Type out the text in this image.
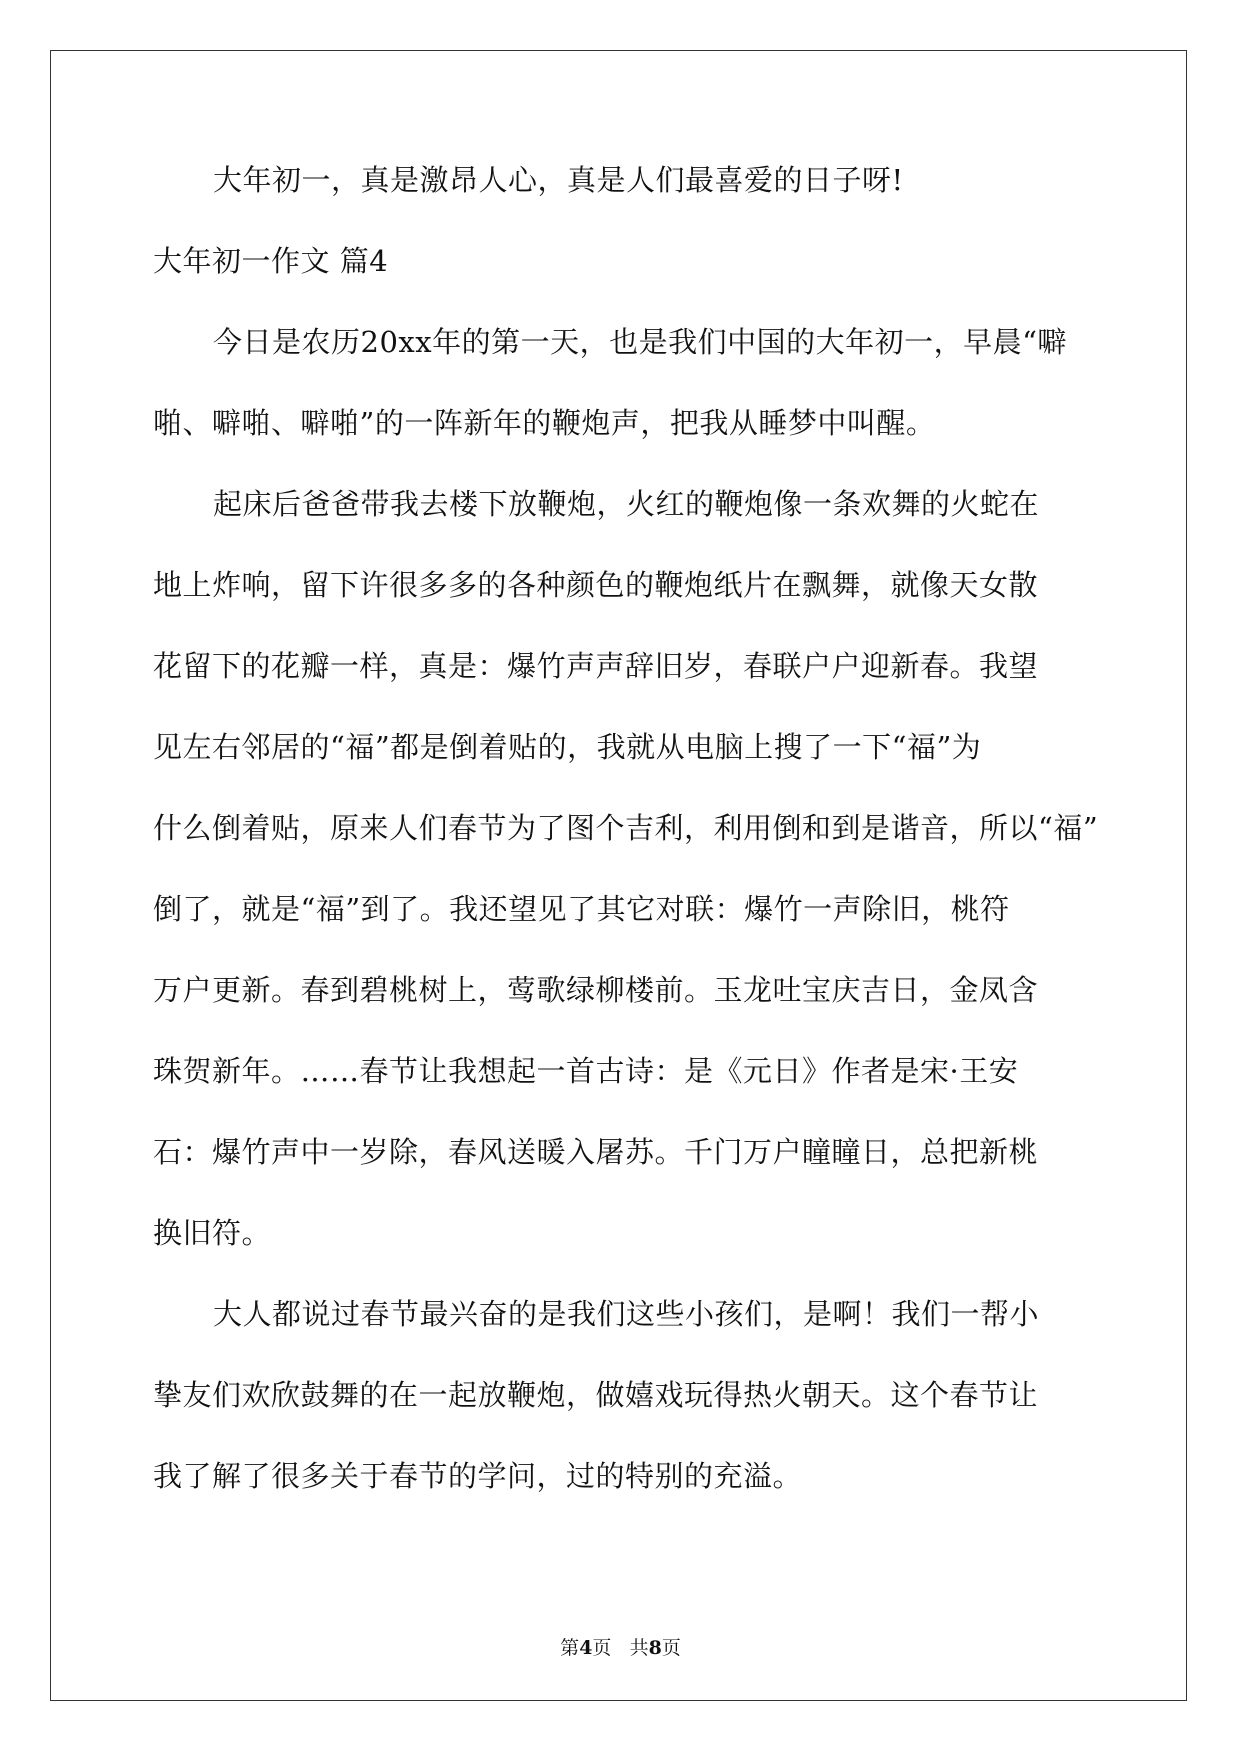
大年初一，真是激昂人心，真是人们最喜爱的日子呀!

大年初一作文 篇4

今日是农历20xx年的第一天，也是我们中国的大年初一，早晨“噼

啪、噼啪、噼啪”的一阵新年的鞭炮声，把我从睡梦中叫醒。

起床后爸爸带我去楼下放鞭炮，火红的鞭炮像一条欢舞的火蛇在

地上炸响，留下许很多多的各种颜色的鞭炮纸片在飘舞，就像天女散

花留下的花瓣一样，真是：爆竹声声辞旧岁，春联户户迎新春。我望

见左右邻居的“福”都是倒着贴的，我就从电脑上搜了一下“福”为

什么倒着贴，原来人们春节为了图个吉利，利用倒和到是谐音，所以“福”

倒了，就是“福”到了。我还望见了其它对联：爆竹一声除旧，桃符

万户更新。春到碧桃树上，莺歌绿柳楼前。玉龙吐宝庆吉日，金凤含

珠贺新年。……春节让我想起一首古诗：是《元日》作者是宋·王安

石：爆竹声中一岁除，春风送暖入屠苏。千门万户瞳瞳日，总把新桃

换旧符。

大人都说过春节最兴奋的是我们这些小孩们，是啊！我们一帮小

挚友们欢欣鼓舞的在一起放鞭炮，做嬉戏玩得热火朝天。这个春节让

我了解了很多关于春节的学问，过的特别的充溢。

第4页 共8页
